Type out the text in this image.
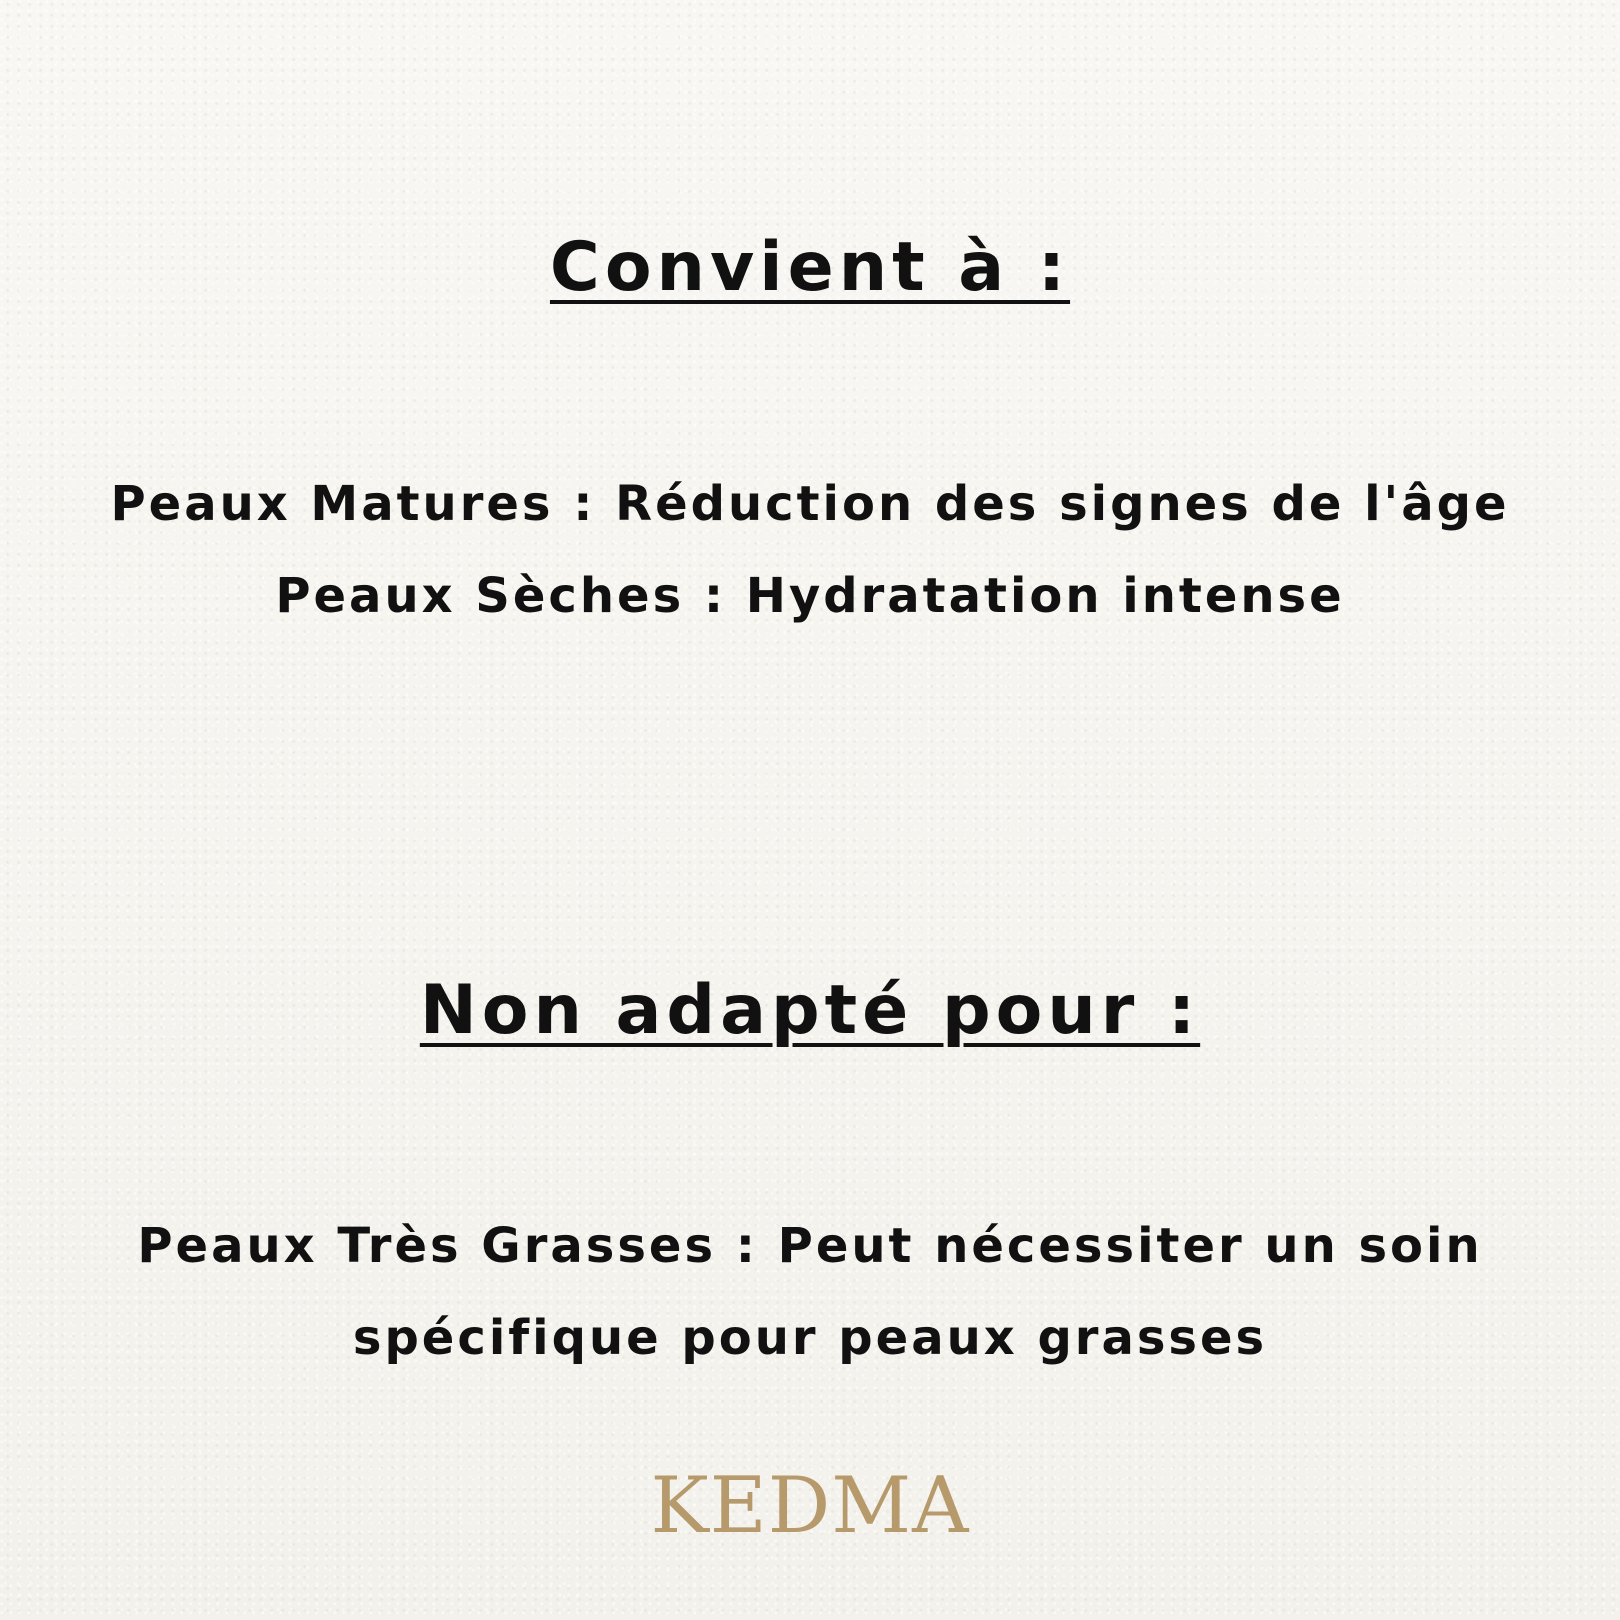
Convient à :
Peaux Matures : Réduction des signes de l'âge
Peaux Sèches : Hydratation intense
Non adapté pour :
Peaux Très Grasses : Peut nécessiter un soin
spécifique pour peaux grasses
KEDMA
